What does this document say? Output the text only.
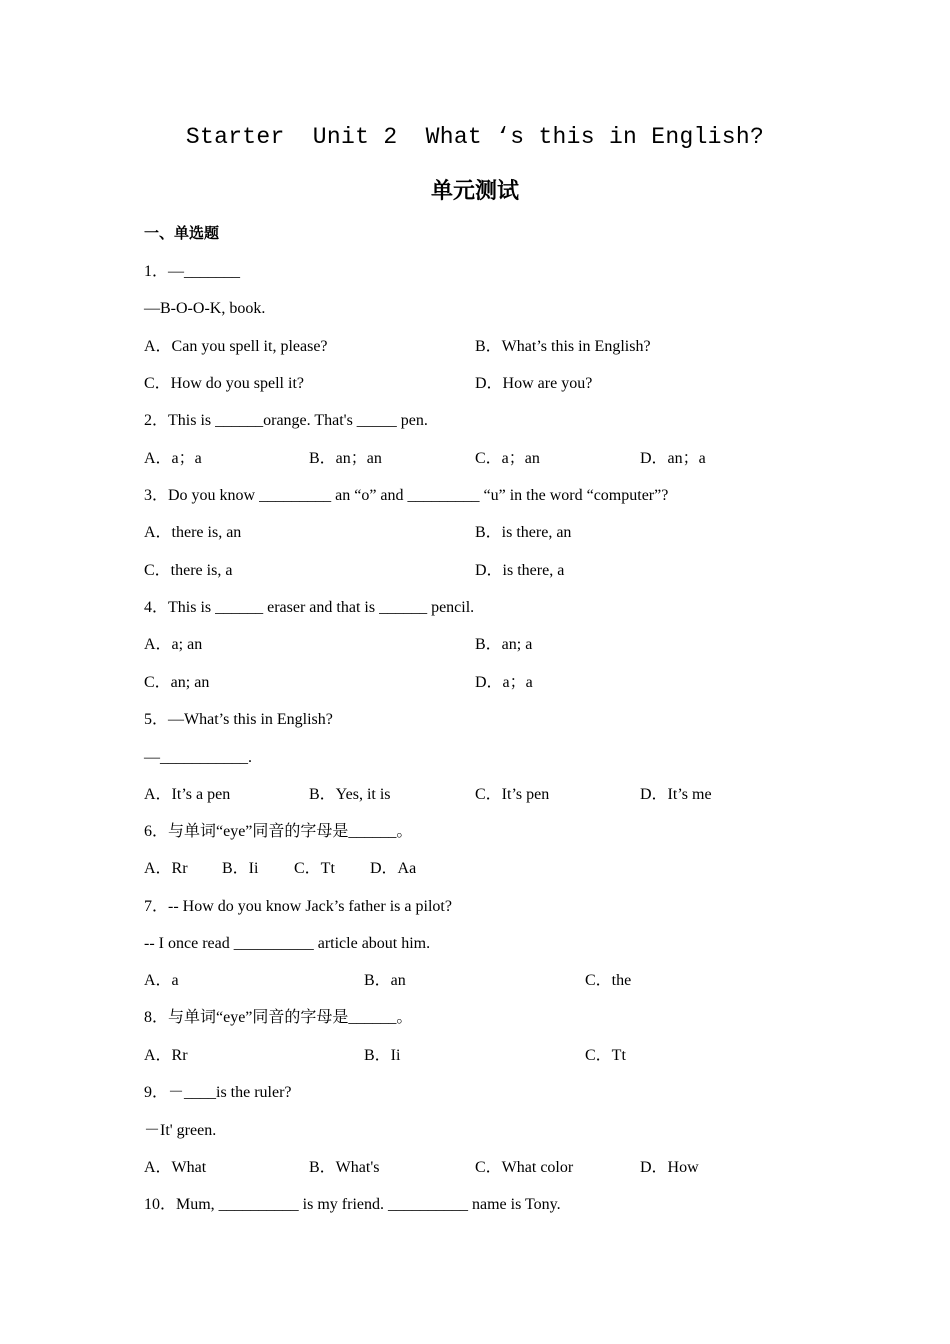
Starter  Unit 2  What ‘s this in English?
单元测试
一、单选题
1．—_______
—B-O-O-K, book.
A．Can you spell it, please?	B．What’s this in English?
C．How do you spell it?	D．How are you?
2．This is ______orange. That's _____ pen.
A．a；a	B．an；an	C．a；an	D．an；a
3．Do you know _________ an “o” and _________ “u” in the word “computer”?
A．there is, an	B．is there, an
C．there is, a	D．is there, a
4．This is ______ eraser and that is ______ pencil.
A．a; an	B．an; a
C．an; an	D．a；a
5．—What’s this in English?
—___________.
A．It’s a pen	B．Yes, it is	C．It’s pen	D．It’s me
6．与单词“eye”同音的字母是______。
A．Rr B．Ii C．Tt D．Aa
7．-- How do you know Jack’s father is a pilot?
-- I once read __________ article about him.
A．a	B．an	C．the
8．与单词“eye”同音的字母是______。
A．Rr	B．Ii	C．Tt
9．－____is the ruler?
－It' green.
A．What	B．What's	C．What color	D．How
10．Mum, __________ is my friend. __________ name is Tony.
